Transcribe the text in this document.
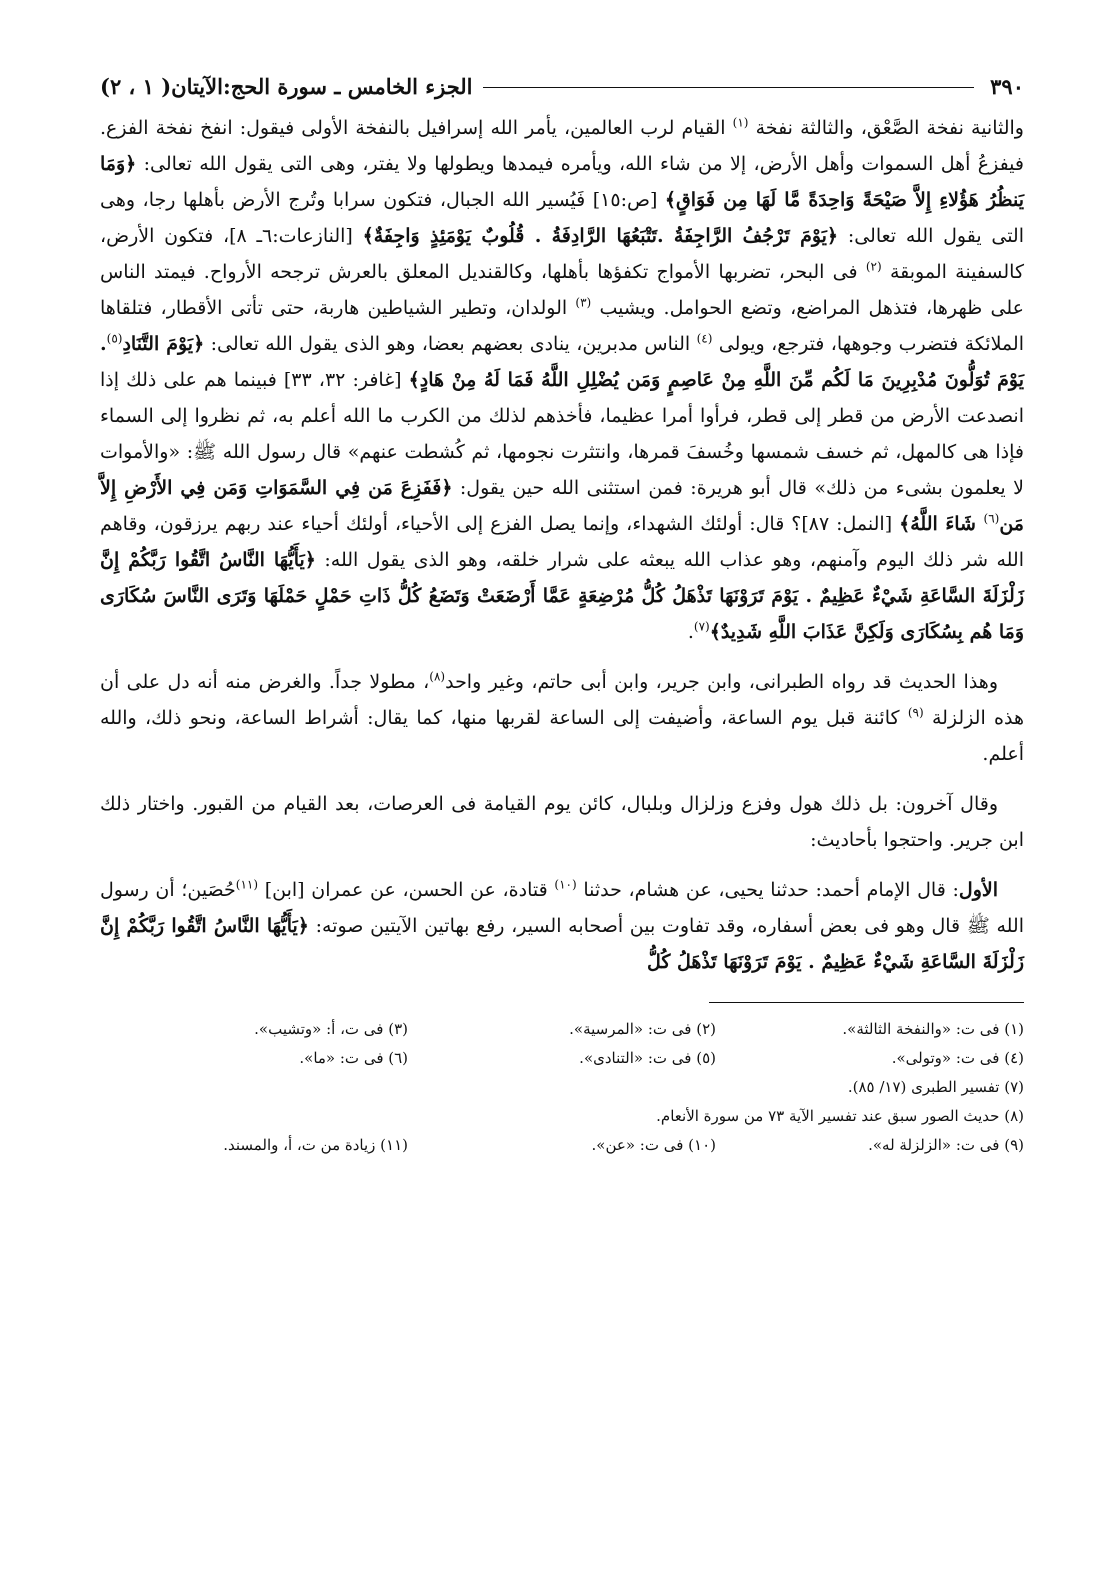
٣٩٠
الجزء الخامس ـ سورة الحج:الآيتان( ١ ، ٢)

والثانية نفخة الصَّعْق، والثالثة نفخة $^{(١)}$ القيام لرب العالمين، يأمر الله إسرافيل بالنفخة الأولى فيقول: انفخ نفخة الفزع. فيفزعُ أهل السموات وأهل الأرض، إلا من شاء الله، ويأمره فيمدها ويطولها ولا يفتر، وهى التى يقول الله تعالى: ﴿وَمَا يَنظُرُ هَؤُلاءِ إِلاَّ صَيْحَةً وَاحِدَةً مَّا لَهَا مِن فَوَاقٍ﴾ [ص:١٥] فَيُسير الله الجبال، فتكون سرابا وتُرج الأرض بأهلها رجا، وهى التى يقول الله تعالى: ﴿يَوْمَ تَرْجُفُ الرَّاجِفَةُ .تَتْبَعُهَا الرَّادِفَةُ . قُلُوبٌ يَوْمَئِذٍ وَاجِفَةٌ﴾ [النازعات:٦ـ ٨]، فتكون الأرض، كالسفينة الموبقة $^{(٢)}$ فى البحر، تضربها الأمواج تكفؤها بأهلها، وكالقنديل المعلق بالعرش ترجحه الأرواح. فيمتد الناس على ظهرها، فتذهل المراضع، وتضع الحوامل. ويشيب $^{(٣)}$ الولدان، وتطير الشياطين هاربة، حتى تأتى الأقطار، فتلقاها الملائكة فتضرب وجوهها، فترجع، ويولى $^{(٤)}$ الناس مدبرين، ينادى بعضهم بعضا، وهو الذى يقول الله تعالى: ﴿يَوْمَ التَّنَادِ$^{(٥)}$. يَوْمَ تُوَلُّونَ مُدْبِرِينَ مَا لَكُم مِّنَ اللَّهِ مِنْ عَاصِمٍ وَمَن يُضْلِلِ اللَّهُ فَمَا لَهُ مِنْ هَادٍ﴾ [غافر: ٣٢، ٣٣] فبينما هم على ذلك إذا انصدعت الأرض من قطر إلى قطر، فرأوا أمرا عظيما، فأخذهم لذلك من الكرب ما الله أعلم به، ثم نظروا إلى السماء فإذا هى كالمهل، ثم خسف شمسها وخُسفَ قمرها، وانتثرت نجومها، ثم كُشطت عنهم» قال رسول الله ﷺ: «والأموات لا يعلمون بشىء من ذلك» قال أبو هريرة: فمن استثنى الله حين يقول: ﴿فَفَزِعَ مَن فِي السَّمَوَاتِ وَمَن فِي الأَرْضِ إِلاَّ مَن$^{(٦)}$ شَاءَ اللَّهُ﴾ [النمل: ٨٧]؟ قال: أولئك الشهداء، وإنما يصل الفزع إلى الأحياء، أولئك أحياء عند ربهم يرزقون، وقاهم الله شر ذلك اليوم وآمنهم، وهو عذاب الله يبعثه على شرار خلقه، وهو الذى يقول الله: ﴿يَأَيُّهَا النَّاسُ اتَّقُوا رَبَّكُمْ إِنَّ زَلْزَلَةَ السَّاعَةِ شَيْءٌ عَظِيمٌ . يَوْمَ تَرَوْنَهَا تَذْهَلُ كُلُّ مُرْضِعَةٍ عَمَّا أَرْضَعَتْ وَتَضَعُ كُلُّ ذَاتِ حَمْلٍ حَمْلَهَا وَتَرَى النَّاسَ سُكَارَى وَمَا هُم بِسُكَارَى وَلَكِنَّ عَذَابَ اللَّهِ شَدِيدٌ﴾$^{(٧)}$.

وهذا الحديث قد رواه الطبرانى، وابن جرير، وابن أبى حاتم، وغير واحد$^{(٨)}$، مطولا جداً. والغرض منه أنه دل على أن هذه الزلزلة $^{(٩)}$ كائنة قبل يوم الساعة، وأضيفت إلى الساعة لقربها منها، كما يقال: أشراط الساعة، ونحو ذلك، والله أعلم.

وقال آخرون: بل ذلك هول وفزع وزلزال وبلبال، كائن يوم القيامة فى العرصات، بعد القيام من القبور. واختار ذلك ابن جرير. واحتجوا بأحاديث:

الأول: قال الإمام أحمد: حدثنا يحيى، عن هشام، حدثنا $^{(١٠)}$ قتادة، عن الحسن، عن عمران [ابن] $^{(١١)}$حُصَين؛ أن رسول الله ﷺ قال وهو فى بعض أسفاره، وقد تفاوت بين أصحابه السير، رفع بهاتين الآيتين صوته: ﴿يَأَيُّهَا النَّاسُ اتَّقُوا رَبَّكُمْ إِنَّ زَلْزَلَةَ السَّاعَةِ شَيْءٌ عَظِيمٌ . يَوْمَ تَرَوْنَهَا تَذْهَلُ كُلُّ

(١) فى ت: «والنفخة الثالثة».
(٢) فى ت: «المرسية».
(٣) فى ت، أ: «وتشيب».
(٤) فى ت: «وتولى».
(٥) فى ت: «التنادى».
(٦) فى ت: «ما».
(٧) تفسير الطبرى (١٧/ ٨٥).
(٨) حديث الصور سبق عند تفسير الآية ٧٣ من سورة الأنعام.
(٩) فى ت: «الزلزلة له».
(١٠) فى ت: «عن».
(١١) زيادة من ت، أ، والمسند.
